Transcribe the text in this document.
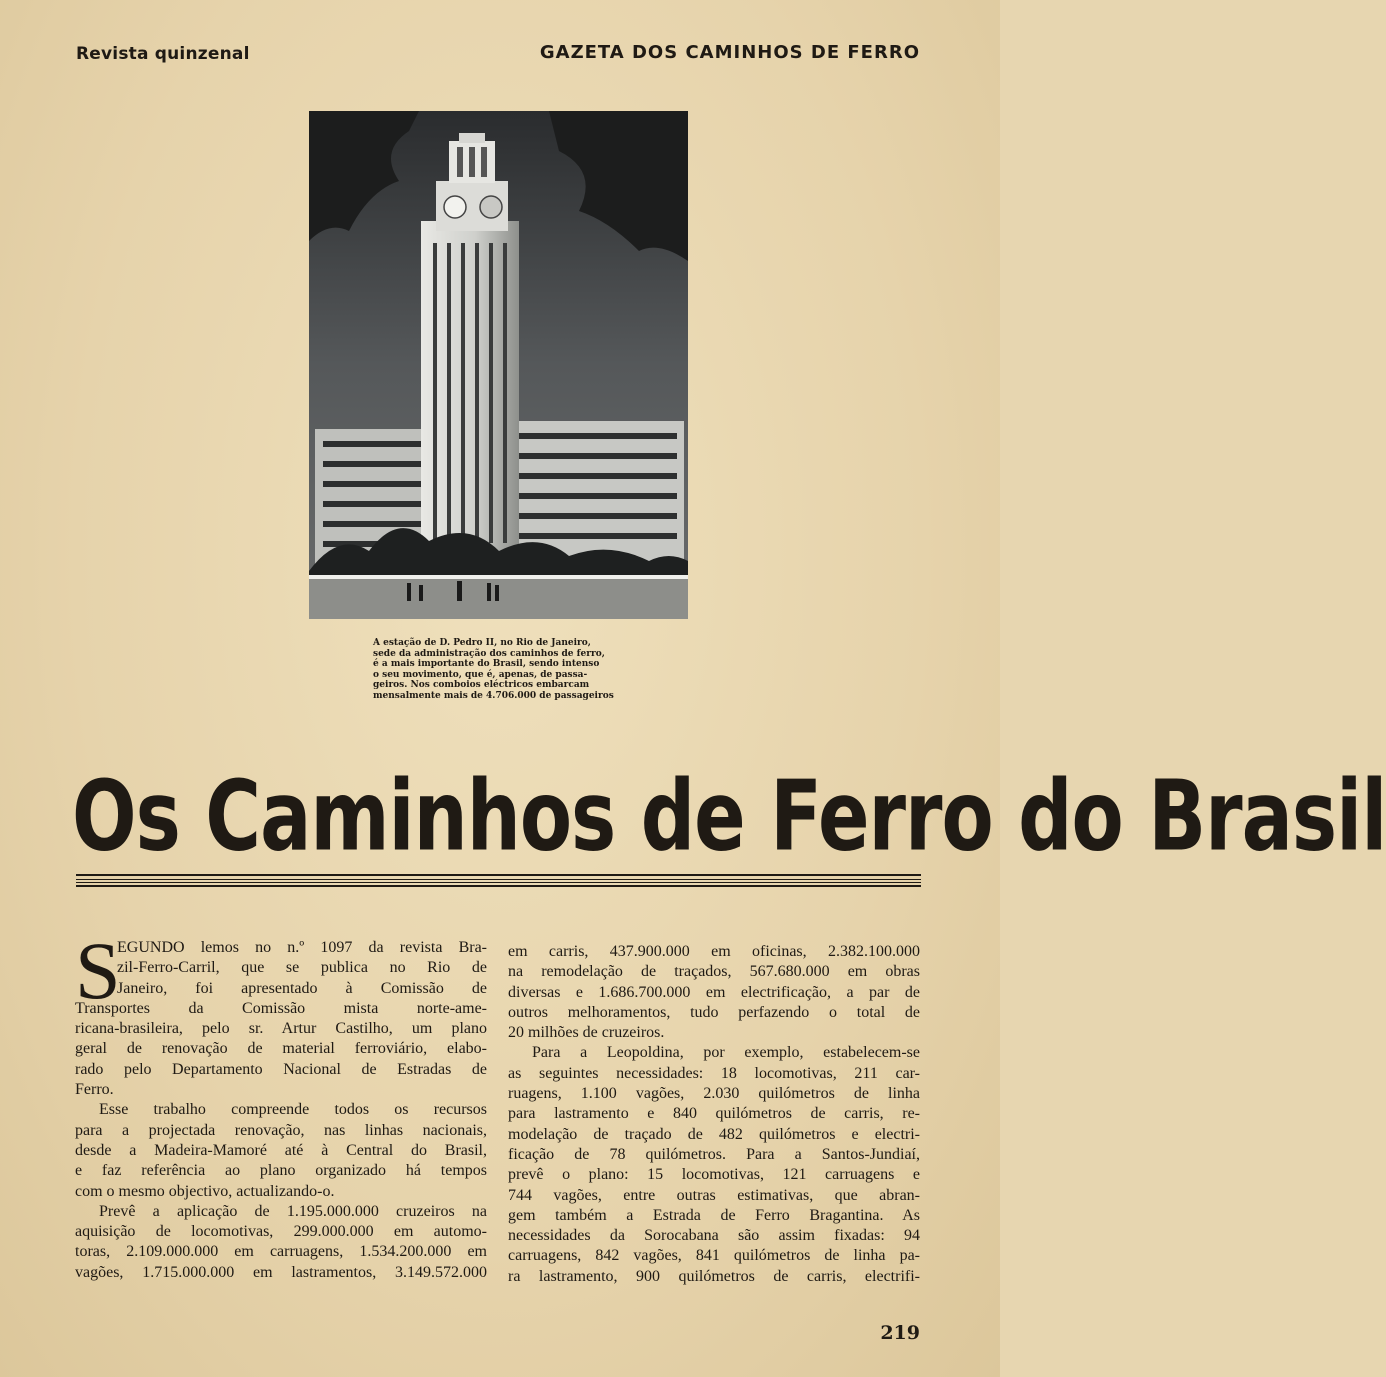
Revista quinzenal	GAZETA DOS CAMINHOS DE FERRO
A estação de D. Pedro II, no Rio de Janeiro,
sede da administração dos caminhos de ferro,
é a mais importante do Brasil, sendo intenso
o seu movimento, que é, apenas, de passa-
geiros. Nos comboios eléctricos embarcam
mensalmente mais de 4.706.000 de passageiros
Os Caminhos de Ferro do Brasil
S
EGUNDO lemos no n.º 1097 da revista Bra-
zil-Ferro-Carril, que se publica no Rio de
Janeiro, foi apresentado à Comissão de
Transportes da Comissão mista norte-ame-
ricana-brasileira, pelo sr. Artur Castilho, um plano
geral de renovação de material ferroviário, elabo-
rado pelo Departamento Nacional de Estradas de
Ferro.
Esse trabalho compreende todos os recursos
para a projectada renovação, nas linhas nacionais,
desde a Madeira-Mamoré até à Central do Brasil,
e faz referência ao plano organizado há tempos
com o mesmo objectivo, actualizando-o.
Prevê a aplicação de 1.195.000.000 cruzeiros na
aquisição de locomotivas, 299.000.000 em automo-
toras, 2.109.000.000 em carruagens, 1.534.200.000 em
vagões, 1.715.000.000 em lastramentos, 3.149.572.000
em carris, 437.900.000 em oficinas, 2.382.100.000
na remodelação de traçados, 567.680.000 em obras
diversas e 1.686.700.000 em electrificação, a par de
outros melhoramentos, tudo perfazendo o total de
20 milhões de cruzeiros.
Para a Leopoldina, por exemplo, estabelecem-se
as seguintes necessidades: 18 locomotivas, 211 car-
ruagens, 1.100 vagões, 2.030 quilómetros de linha
para lastramento e 840 quilómetros de carris, re-
modelação de traçado de 482 quilómetros e electri-
ficação de 78 quilómetros. Para a Santos-Jundiaí,
prevê o plano: 15 locomotivas, 121 carruagens e
744 vagões, entre outras estimativas, que abran-
gem também a Estrada de Ferro Bragantina. As
necessidades da Sorocabana são assim fixadas: 94
carruagens, 842 vagões, 841 quilómetros de linha pa-
ra lastramento, 900 quilómetros de carris, electrifi-
219
